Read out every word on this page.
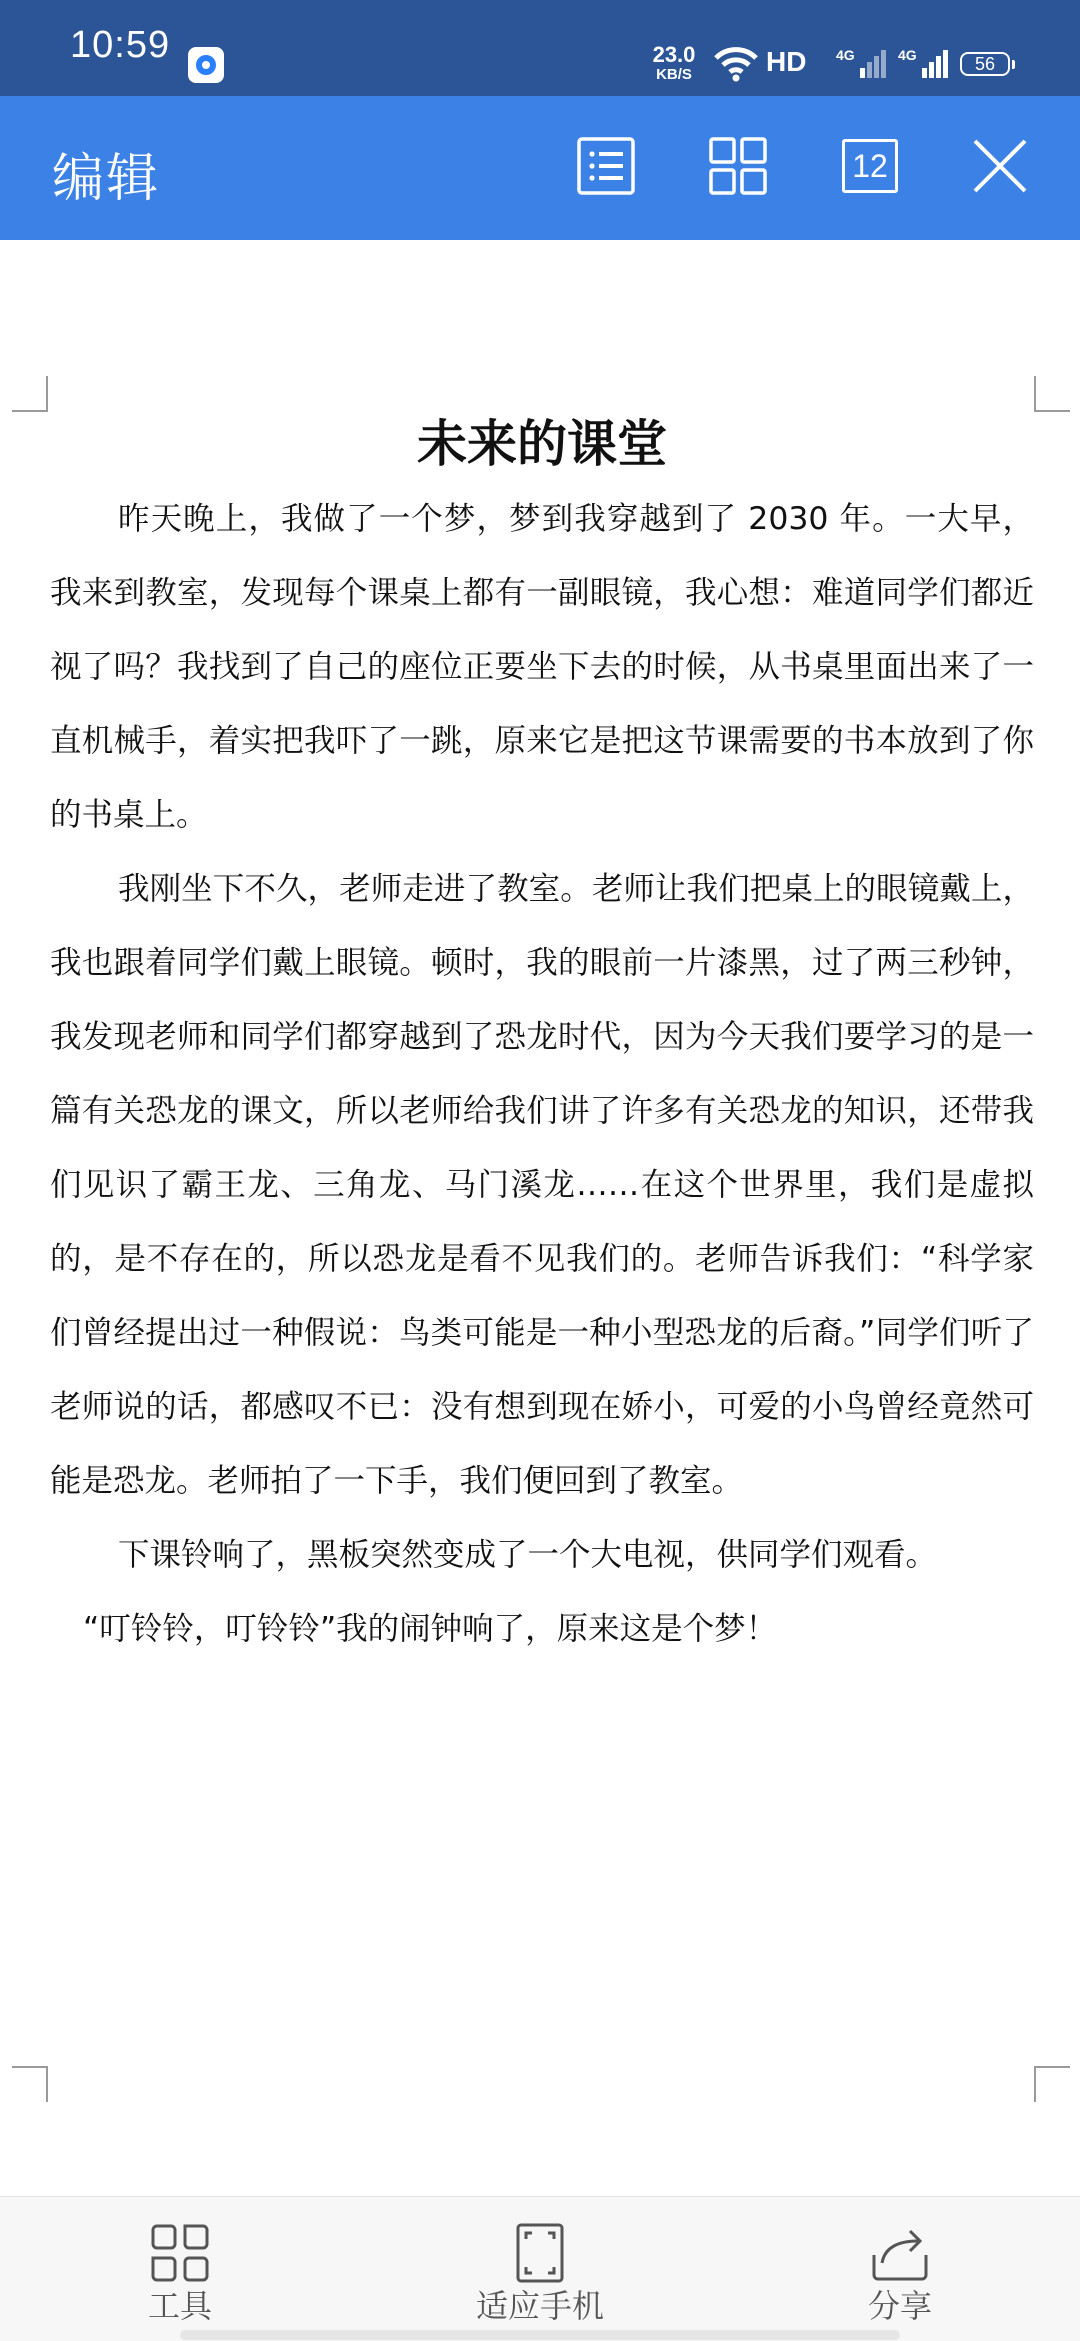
10:59	23.0
KB/S	HD 4G	4G	56
编辑	12
未来的课堂

昨天晚上，我做了一个梦，梦到我穿越到了 2030 年。一大早，我来到教室，发现每个课桌上都有一副眼镜，我心想：难道同学们都近视了吗？我找到了自己的座位正要坐下去的时候，从书桌里面出来了一直机械手，着实把我吓了一跳，原来它是把这节课需要的书本放到了你的书桌上。

我刚坐下不久，老师走进了教室。老师让我们把桌上的眼镜戴上，我也跟着同学们戴上眼镜。顿时，我的眼前一片漆黑，过了两三秒钟，我发现老师和同学们都穿越到了恐龙时代，因为今天我们要学习的是一篇有关恐龙的课文，所以老师给我们讲了许多有关恐龙的知识，还带我们见识了霸王龙、三角龙、马门溪龙……在这个世界里，我们是虚拟的，是不存在的，所以恐龙是看不见我们的。老师告诉我们：“科学家们曾经提出过一种假说：鸟类可能是一种小型恐龙的后裔。”同学们听了老师说的话，都感叹不已：没有想到现在娇小，可爱的小鸟曾经竟然可能是恐龙。老师拍了一下手，我们便回到了教室。

下课铃响了，黑板突然变成了一个大电视，供同学们观看。

“叮铃铃，叮铃铃”我的闹钟响了，原来这是个梦！

工具	适应手机	分享
